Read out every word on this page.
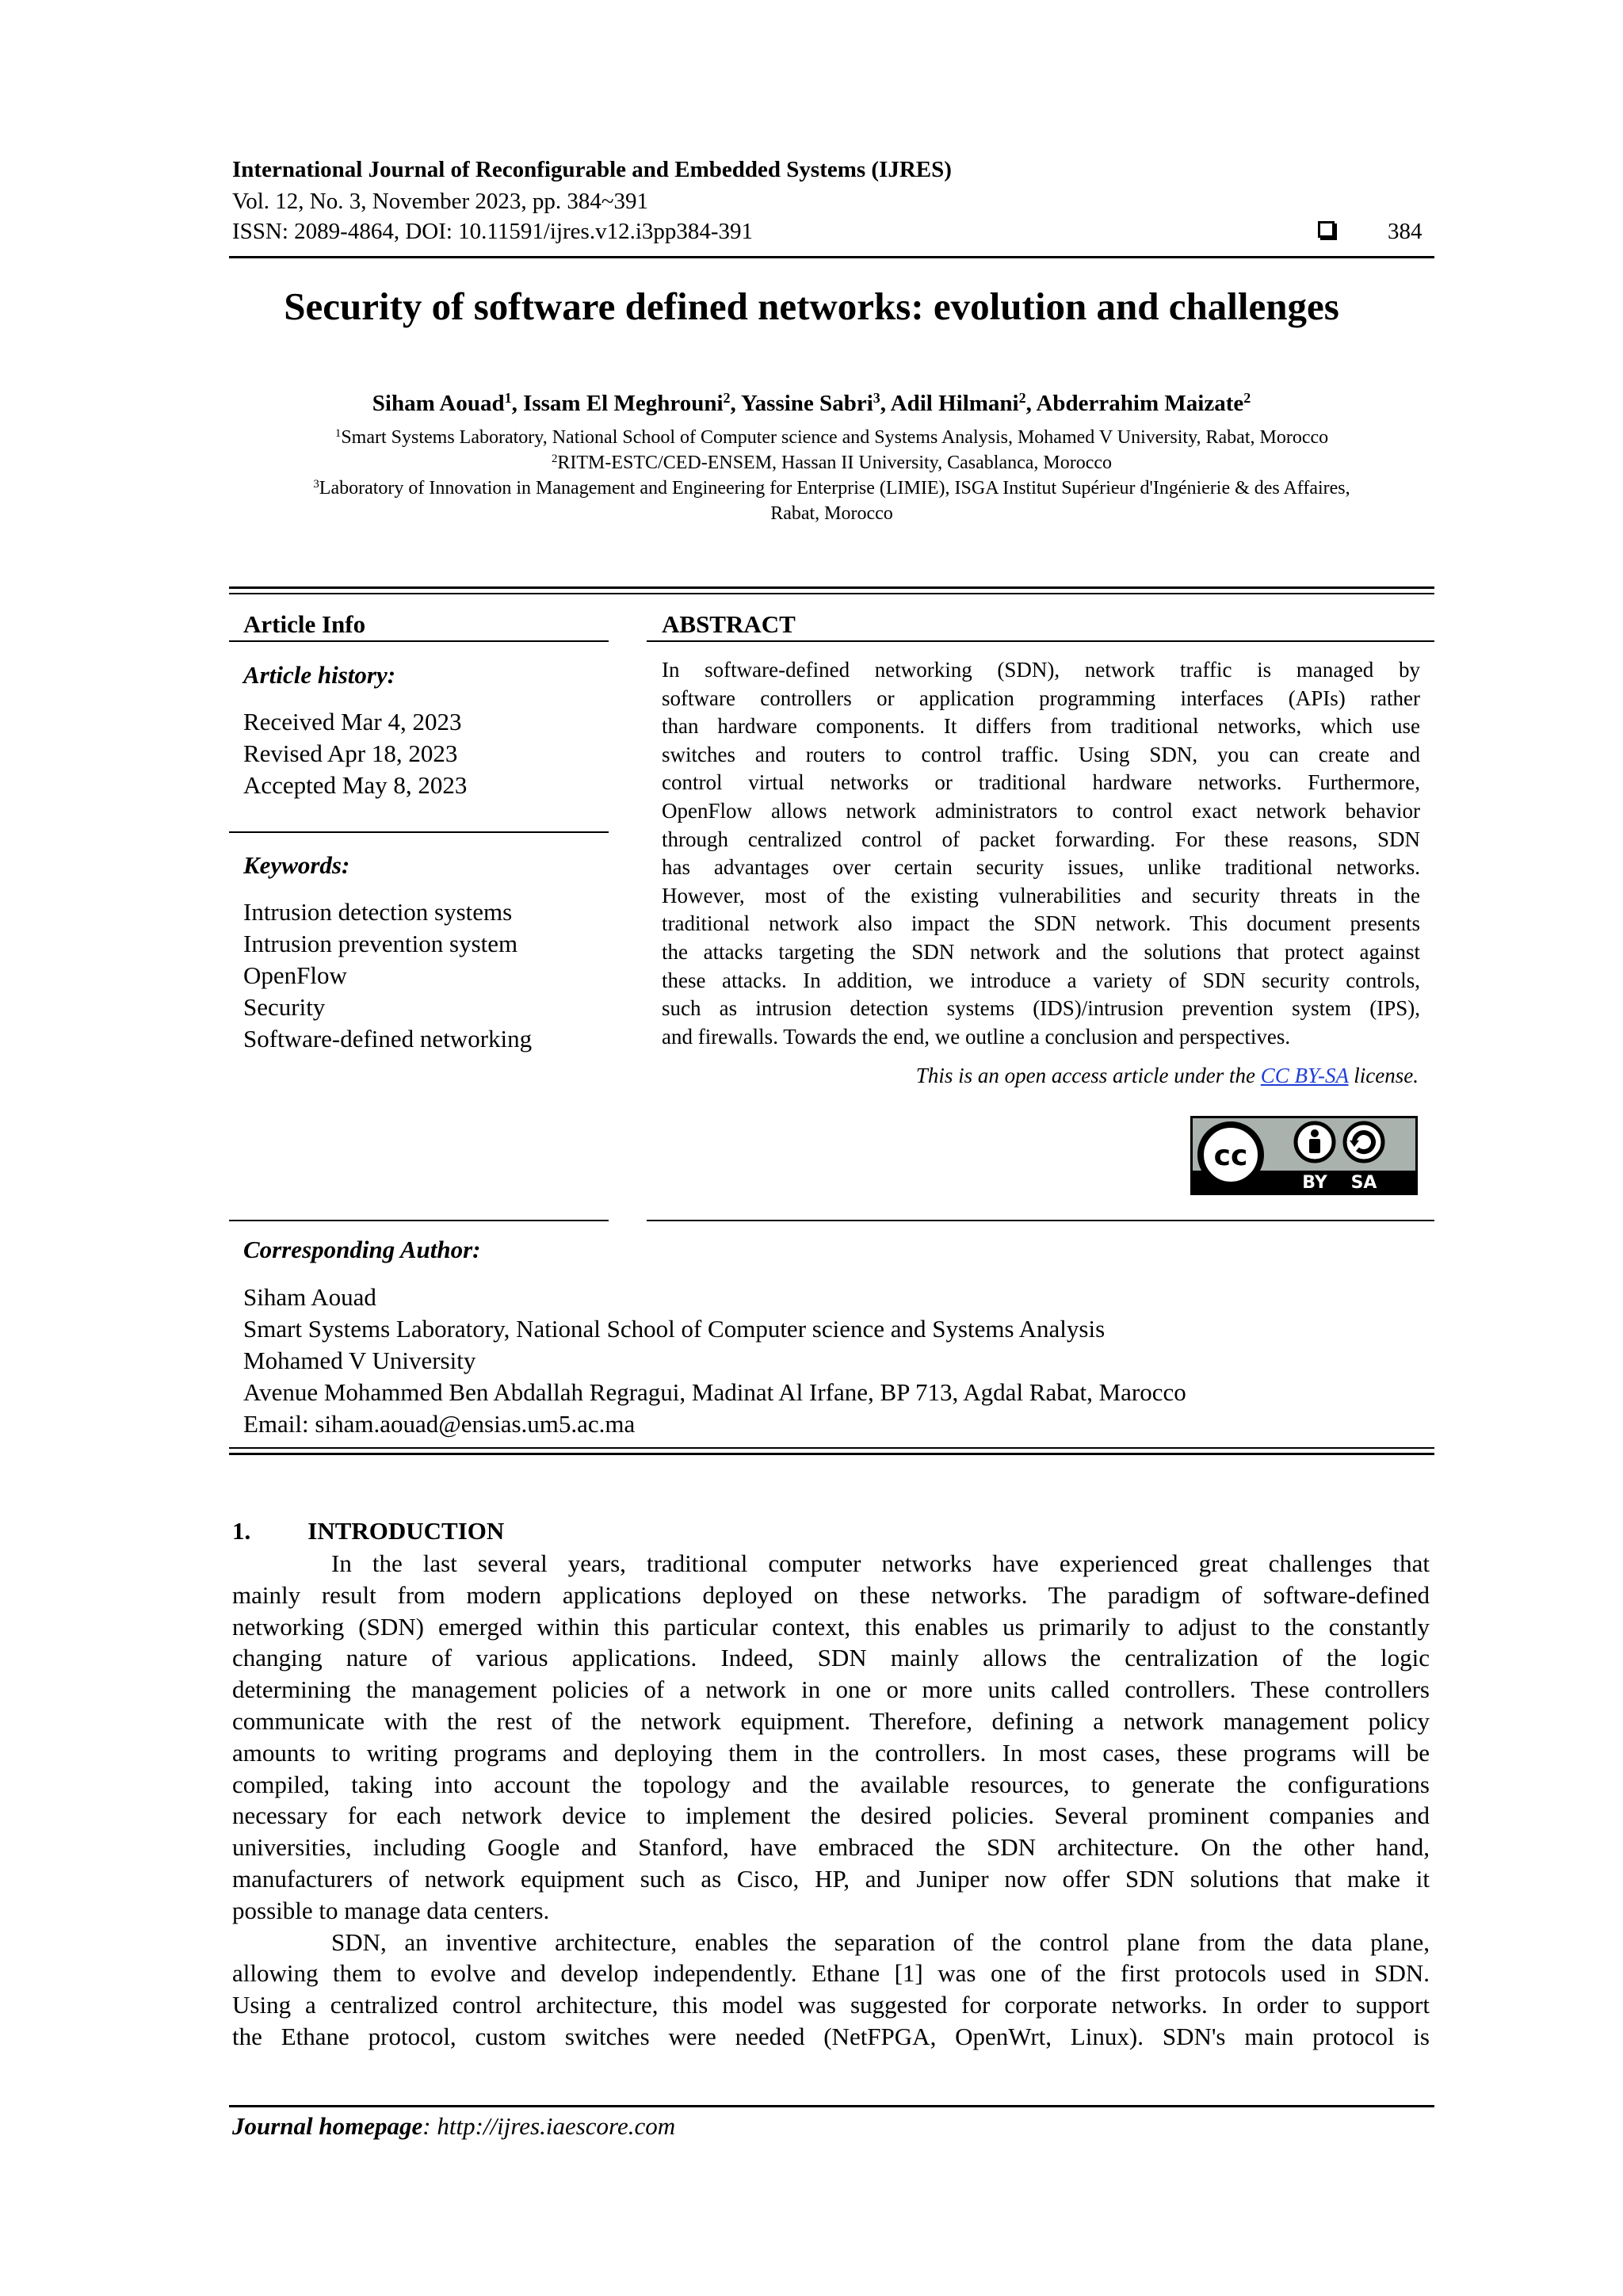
International Journal of Reconfigurable and Embedded Systems (IJRES)
Vol. 12, No. 3, November 2023, pp. 384~391
ISSN: 2089-4864, DOI: 10.11591/ijres.v12.i3pp384-391	384
Security of software defined networks: evolution and challenges
Siham Aouad$^1$, Issam El Meghrouni$^2$, Yassine Sabri$^3$, Adil Hilmani$^2$, Abderrahim Maizate$^2$
$^1$Smart Systems Laboratory, National School of Computer science and Systems Analysis, Mohamed V University, Rabat, Morocco
$^2$RITM-ESTC/CED-ENSEM, Hassan II University, Casablanca, Morocco
$^3$Laboratory of Innovation in Management and Engineering for Enterprise (LIMIE), ISGA Institut Supérieur d'Ingénierie & des Affaires,
Rabat, Morocco
Article Info
Article history:
Received Mar 4, 2023
Revised Apr 18, 2023
Accepted May 8, 2023
Keywords:
Intrusion detection systems
Intrusion prevention system
OpenFlow
Security
Software-defined networking
ABSTRACT
In software-defined networking (SDN), network traffic is managed by
software controllers or application programming interfaces (APIs) rather
than hardware components. It differs from traditional networks, which use
switches and routers to control traffic. Using SDN, you can create and
control virtual networks or traditional hardware networks. Furthermore,
OpenFlow allows network administrators to control exact network behavior
through centralized control of packet forwarding. For these reasons, SDN
has advantages over certain security issues, unlike traditional networks.
However, most of the existing vulnerabilities and security threats in the
traditional network also impact the SDN network. This document presents
the attacks targeting the SDN network and the solutions that protect against
these attacks. In addition, we introduce a variety of SDN security controls,
such as intrusion detection systems (IDS)/intrusion prevention system (IPS),
and firewalls. Towards the end, we outline a conclusion and perspectives.
This is an open access article under the CC BY-SA license.
cc
BY SA
Corresponding Author:
Siham Aouad
Smart Systems Laboratory, National School of Computer science and Systems Analysis
Mohamed V University
Avenue Mohammed Ben Abdallah Regragui, Madinat Al Irfane, BP 713, Agdal Rabat, Marocco
Email: siham.aouad@ensias.um5.ac.ma
1. INTRODUCTION
In the last several years, traditional computer networks have experienced great challenges that
mainly result from modern applications deployed on these networks. The paradigm of software-defined
networking (SDN) emerged within this particular context, this enables us primarily to adjust to the constantly
changing nature of various applications. Indeed, SDN mainly allows the centralization of the logic
determining the management policies of a network in one or more units called controllers. These controllers
communicate with the rest of the network equipment. Therefore, defining a network management policy
amounts to writing programs and deploying them in the controllers. In most cases, these programs will be
compiled, taking into account the topology and the available resources, to generate the configurations
necessary for each network device to implement the desired policies. Several prominent companies and
universities, including Google and Stanford, have embraced the SDN architecture. On the other hand,
manufacturers of network equipment such as Cisco, HP, and Juniper now offer SDN solutions that make it
possible to manage data centers.
SDN, an inventive architecture, enables the separation of the control plane from the data plane,
allowing them to evolve and develop independently. Ethane [1] was one of the first protocols used in SDN.
Using a centralized control architecture, this model was suggested for corporate networks. In order to support
the Ethane protocol, custom switches were needed (NetFPGA, OpenWrt, Linux). SDN's main protocol is
Journal homepage: http://ijres.iaescore.com
